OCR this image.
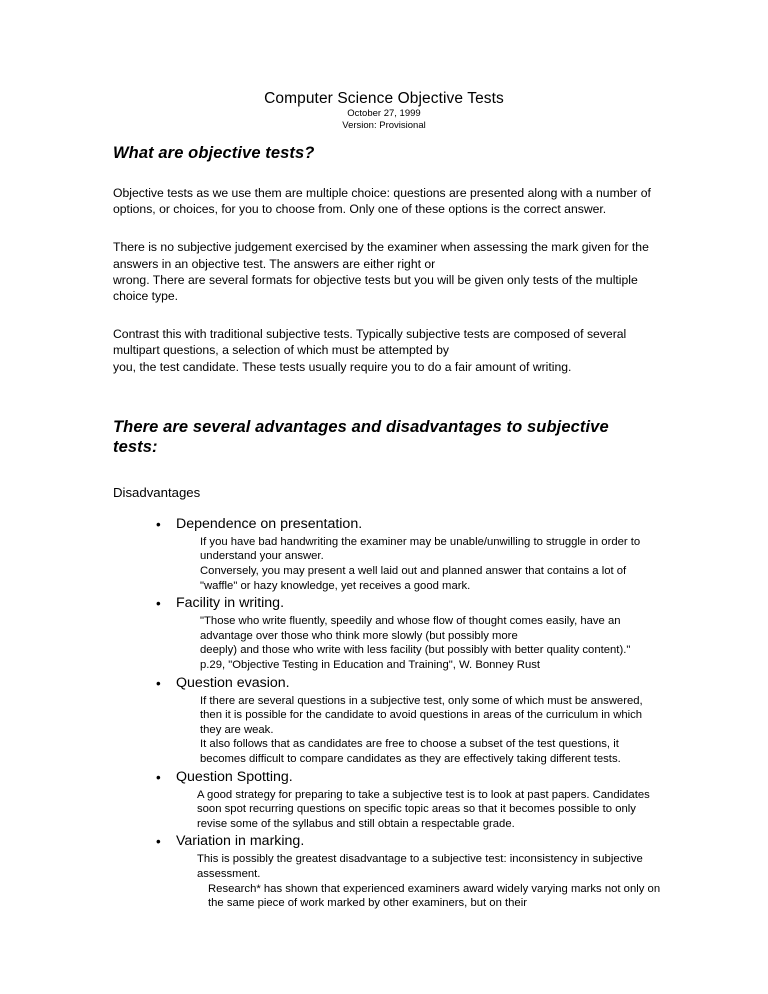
Computer Science Objective Tests
October 27, 1999
Version: Provisional
What are objective tests?

Objective tests as we use them are multiple choice: questions are presented along with a number of options, or choices, for you to choose from. Only one of these options is the correct answer.

There is no subjective judgement exercised by the examiner when assessing the mark given for the answers in an objective test. The answers are either right or
wrong. There are several formats for objective tests but you will be given only tests of the multiple choice type.

Contrast this with traditional subjective tests. Typically subjective tests are composed of several multipart questions, a selection of which must be attempted by
you, the test candidate. These tests usually require you to do a fair amount of writing.

There are several advantages and disadvantages to subjective tests:
Disadvantages
• Dependence on presentation.
If you have bad handwriting the examiner may be unable/unwilling to struggle in order to understand your answer.
Conversely, you may present a well laid out and planned answer that contains a lot of "waffle" or hazy knowledge, yet receives a good mark.
• Facility in writing.
"Those who write fluently, speedily and whose flow of thought comes easily, have an advantage over those who think more slowly (but possibly more
deeply) and those who write with less facility (but possibly with better quality content)."
p.29, "Objective Testing in Education and Training", W. Bonney Rust
• Question evasion.
If there are several questions in a subjective test, only some of which must be answered, then it is possible for the candidate to avoid questions in areas of the curriculum in which they are weak.
It also follows that as candidates are free to choose a subset of the test questions, it       becomes difficult to compare candidates as they are effectively taking different tests.
• Question Spotting.
A good strategy for preparing to take a subjective test is to look at past papers. Candidates soon spot recurring questions on specific topic areas so that it becomes possible to only revise some of the syllabus and still obtain a respectable grade.
• Variation in marking.
This is possibly the greatest disadvantage to a subjective test: inconsistency in subjective assessment.
Research* has shown that experienced examiners award widely varying marks not only on the same piece of work marked by other examiners, but on their
